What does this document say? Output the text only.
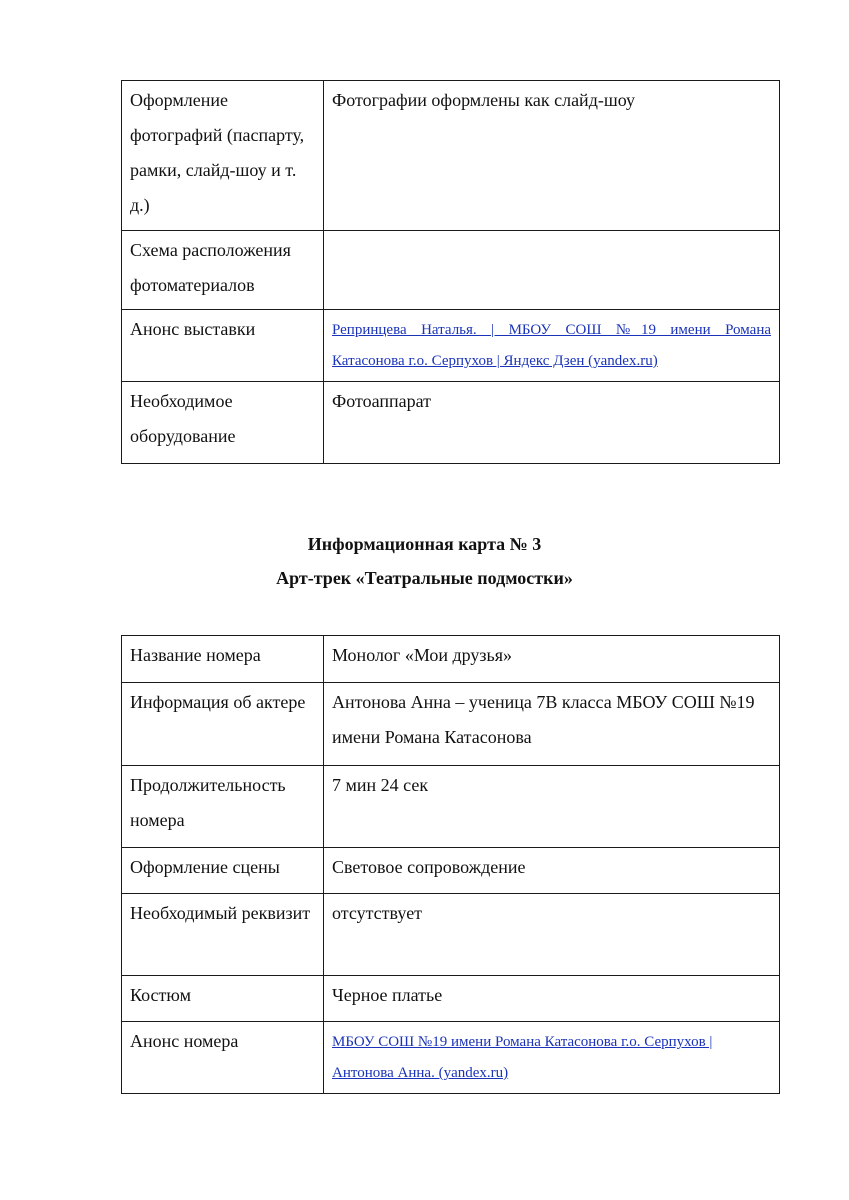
Оформление фотографий (паспарту, рамки, слайд-шоу и т. д.)	Фотографии оформлены как слайд-шоу
Схема расположения фотоматериалов	
Анонс выставки	Репринцева Наталья. | МБОУ СОШ №19 имени Романа
Катасонова г.о. Серпухов | Яндекс Дзен (yandex.ru)

Необходимое оборудование	Фотоаппарат
Информационная карта № 3
Арт-трек «Театральные подмостки»
Название номера	Монолог «Мои друзья»
Информация об актере	Антонова Анна – ученица 7В класса МБОУ СОШ №19 имени Романа Катасонова
Продолжительность номера	7 мин 24 сек
Оформление сцены	Световое сопровождение
Необходимый реквизит	отсутствует
Костюм	Черное платье
Анонс номера	МБОУ СОШ №19 имени Романа Катасонова г.о. Серпухов |
Антонова Анна. (yandex.ru)
